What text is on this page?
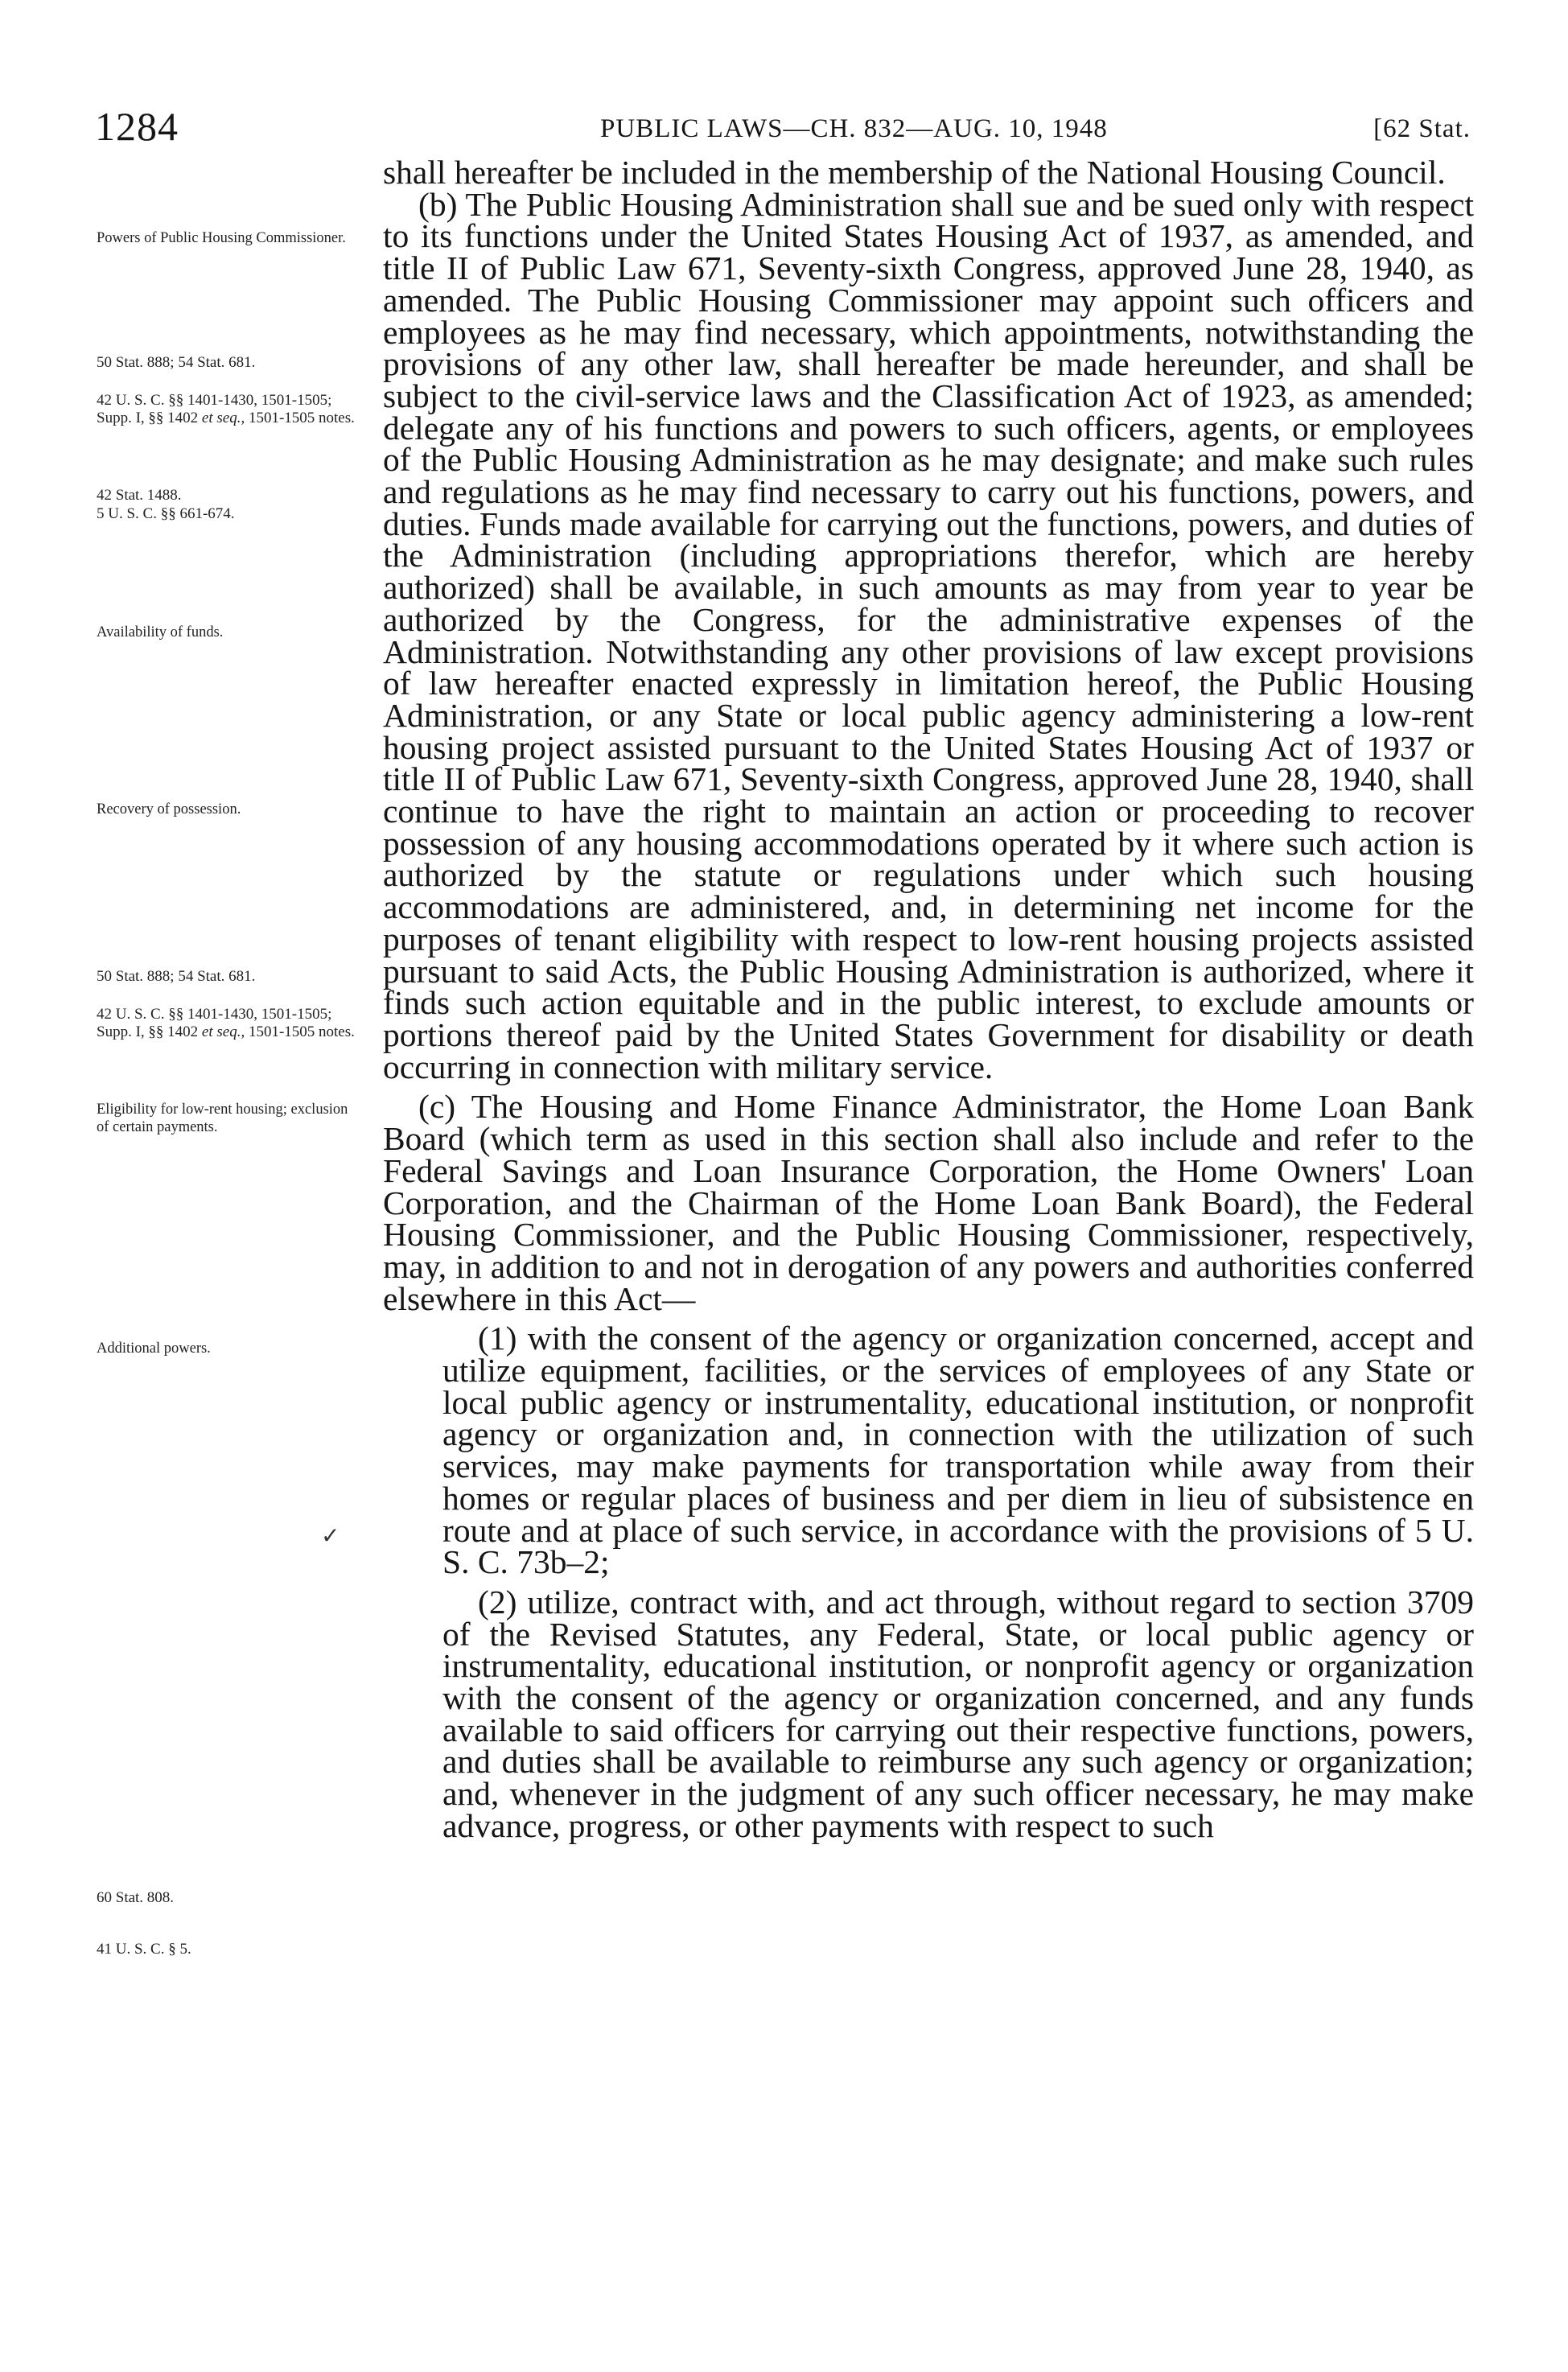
1284	PUBLIC LAWS—CH. 832—AUG. 10, 1948	[62 Stat.

shall hereafter be included in the membership of the National Housing Council.

(b) The Public Housing Administration shall sue and be sued only with respect to its functions under the United States Housing Act of 1937, as amended, and title II of Public Law 671, Seventy-sixth Congress, approved June 28, 1940, as amended. The Public Housing Commissioner may appoint such officers and employees as he may find necessary, which appointments, notwithstanding the provisions of any other law, shall hereafter be made hereunder, and shall be subject to the civil-service laws and the Classification Act of 1923, as amended; delegate any of his functions and powers to such officers, agents, or employees of the Public Housing Administration as he may designate; and make such rules and regulations as he may find necessary to carry out his functions, powers, and duties. Funds made available for carrying out the functions, powers, and duties of the Administration (including appropriations therefor, which are hereby authorized) shall be available, in such amounts as may from year to year be authorized by the Congress, for the administrative expenses of the Administration. Notwithstanding any other provisions of law except provisions of law hereafter enacted expressly in limitation hereof, the Public Housing Administration, or any State or local public agency administering a low-rent housing project assisted pursuant to the United States Housing Act of 1937 or title II of Public Law 671, Seventy-sixth Congress, approved June 28, 1940, shall continue to have the right to maintain an action or proceeding to recover possession of any housing accommodations operated by it where such action is authorized by the statute or regulations under which such housing accommodations are administered, and, in determining net income for the purposes of tenant eligibility with respect to low-rent housing projects assisted pursuant to said Acts, the Public Housing Administration is authorized, where it finds such action equitable and in the public interest, to exclude amounts or portions thereof paid by the United States Government for disability or death occurring in connection with military service.

(c) The Housing and Home Finance Administrator, the Home Loan Bank Board (which term as used in this section shall also include and refer to the Federal Savings and Loan Insurance Corporation, the Home Owners' Loan Corporation, and the Chairman of the Home Loan Bank Board), the Federal Housing Commissioner, and the Public Housing Commissioner, respectively, may, in addition to and not in derogation of any powers and authorities conferred elsewhere in this Act—

(1) with the consent of the agency or organization concerned, accept and utilize equipment, facilities, or the services of employees of any State or local public agency or instrumentality, educational institution, or nonprofit agency or organization and, in connection with the utilization of such services, may make payments for transportation while away from their homes or regular places of business and per diem in lieu of subsistence en route and at place of such service, in accordance with the provisions of 5 U. S. C. 73b–2;

(2) utilize, contract with, and act through, without regard to section 3709 of the Revised Statutes, any Federal, State, or local public agency or instrumentality, educational institution, or nonprofit agency or organization with the consent of the agency or organization concerned, and any funds available to said officers for carrying out their respective functions, powers, and duties shall be available to reimburse any such agency or organization; and, whenever in the judgment of any such officer necessary, he may make advance, progress, or other payments with respect to such

Powers of Public Housing Commissioner.
50 Stat. 888; 54 Stat. 681.
42 U. S. C. §§ 1401-1430, 1501-1505; Supp. I, §§ 1402 et seq., 1501-1505 notes.
42 Stat. 1488.
5 U. S. C. §§ 661-674.
Availability of funds.
Recovery of possession.
50 Stat. 888; 54 Stat. 681.
42 U. S. C. §§ 1401-1430, 1501-1505; Supp. I, §§ 1402 et seq., 1501-1505 notes.
Eligibility for low-rent housing; exclusion of certain payments.
Additional powers.
✓
60 Stat. 808.
41 U. S. C. § 5.
